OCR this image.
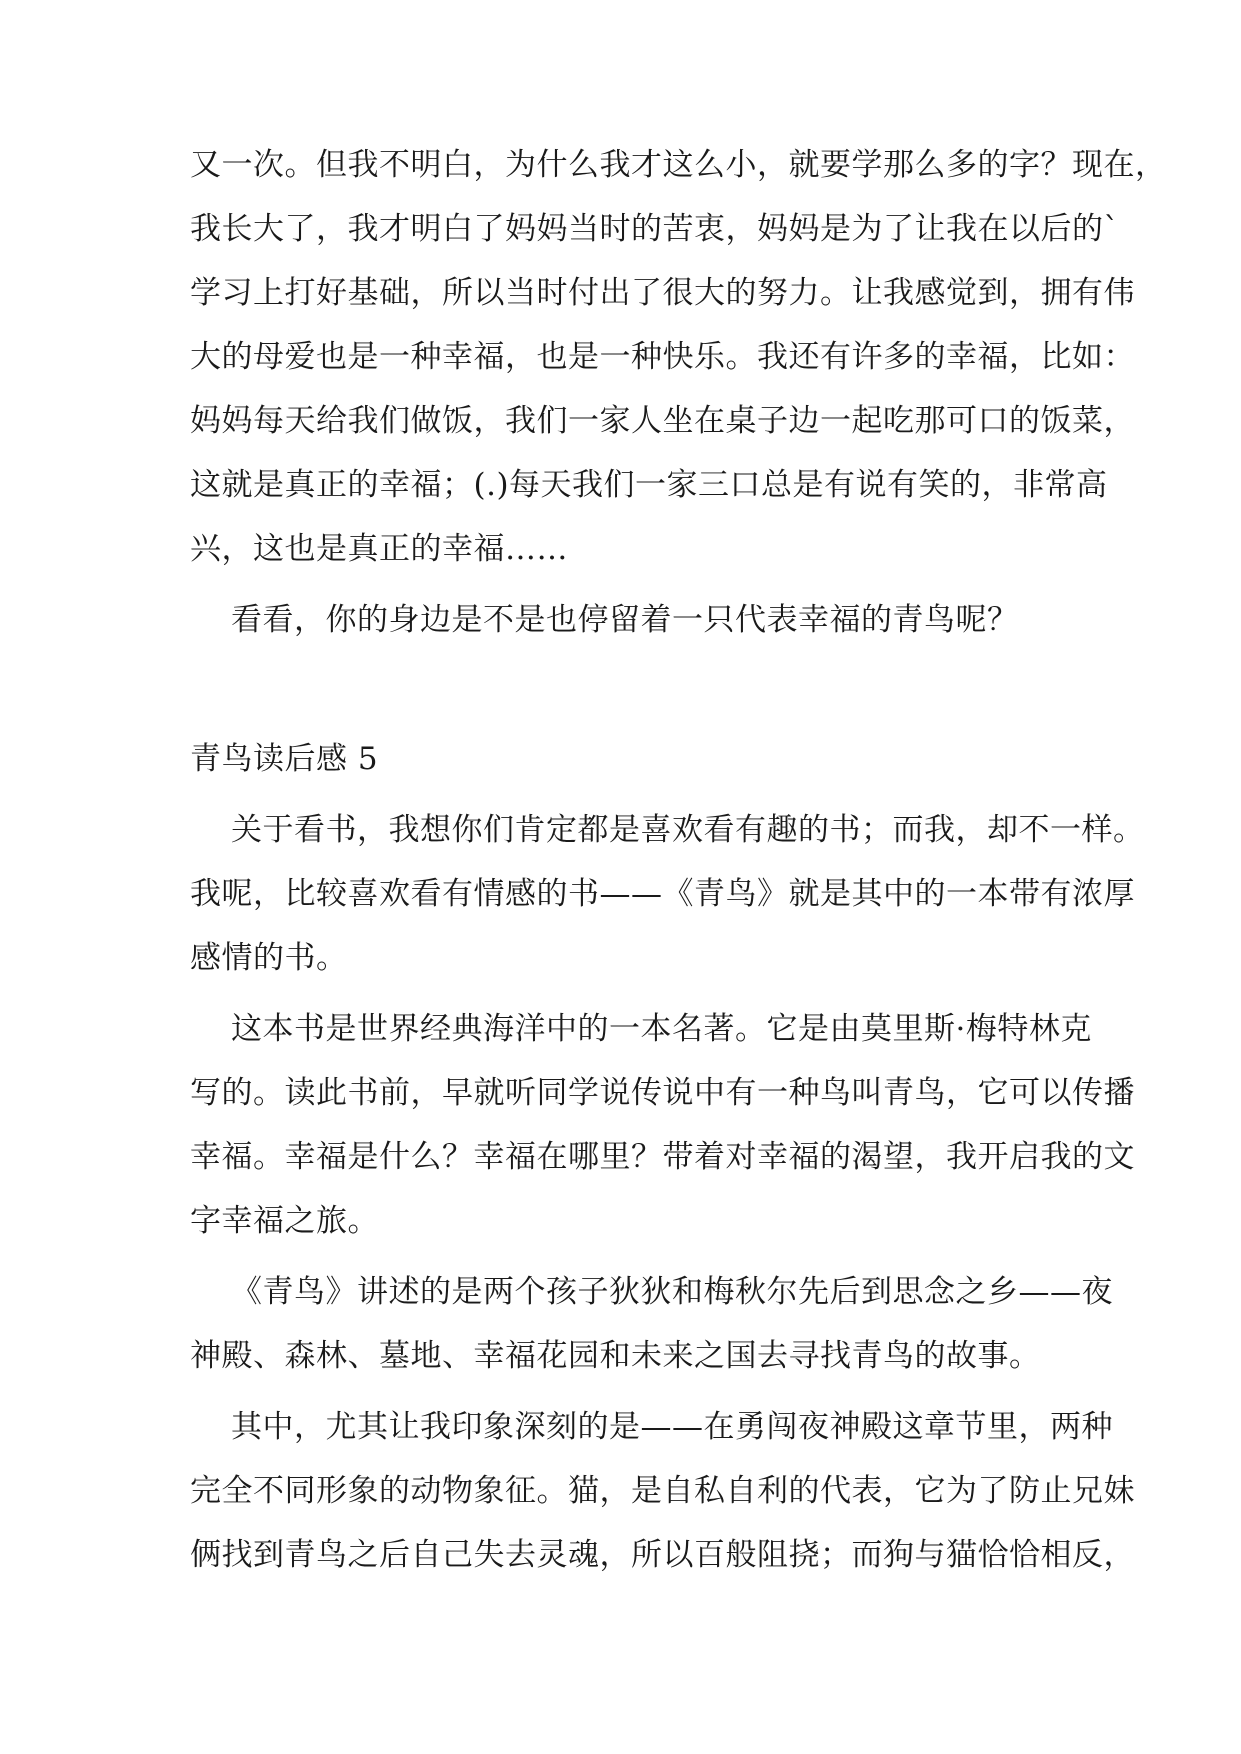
又一次。但我不明白，为什么我才这么小，就要学那么多的字？现在，
我长大了，我才明白了妈妈当时的苦衷，妈妈是为了让我在以后的`
学习上打好基础，所以当时付出了很大的努力。让我感觉到，拥有伟
大的母爱也是一种幸福，也是一种快乐。我还有许多的幸福，比如：
妈妈每天给我们做饭，我们一家人坐在桌子边一起吃那可口的饭菜，
这就是真正的幸福；(.)每天我们一家三口总是有说有笑的，非常高
兴，这也是真正的幸福……
看看，你的身边是不是也停留着一只代表幸福的青鸟呢？
青鸟读后感 5
关于看书，我想你们肯定都是喜欢看有趣的书；而我，却不一样。
我呢，比较喜欢看有情感的书——《青鸟》就是其中的一本带有浓厚
感情的书。
这本书是世界经典海洋中的一本名著。它是由莫里斯·梅特林克
写的。读此书前，早就听同学说传说中有一种鸟叫青鸟，它可以传播
幸福。幸福是什么？幸福在哪里？带着对幸福的渴望，我开启我的文
字幸福之旅。
《青鸟》讲述的是两个孩子狄狄和梅秋尔先后到思念之乡——夜
神殿、森林、墓地、幸福花园和未来之国去寻找青鸟的故事。
其中，尤其让我印象深刻的是——在勇闯夜神殿这章节里，两种
完全不同形象的动物象征。猫，是自私自利的代表，它为了防止兄妹
俩找到青鸟之后自己失去灵魂，所以百般阻挠；而狗与猫恰恰相反，
